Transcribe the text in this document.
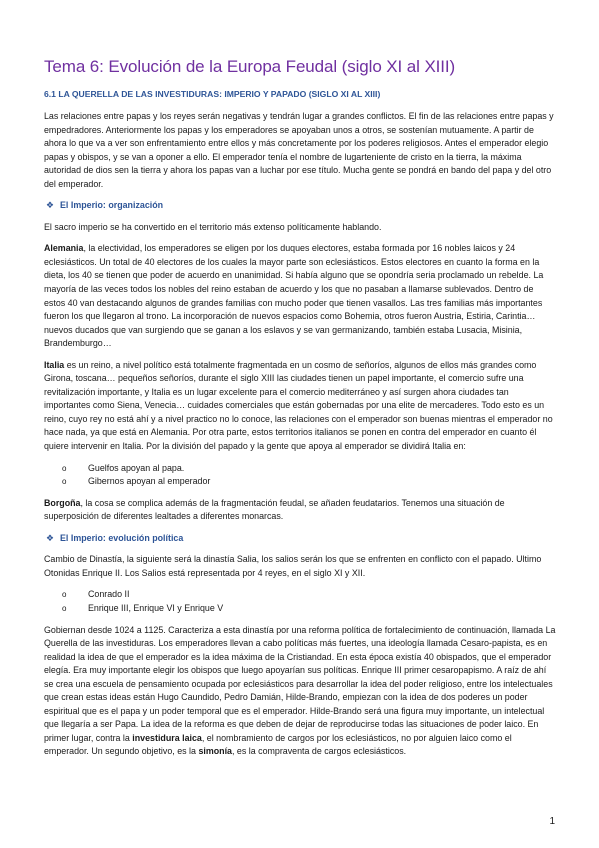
Tema 6: Evolución de la Europa Feudal (siglo XI al XIII)
6.1 LA QUERELLA DE LAS INVESTIDURAS: IMPERIO Y PAPADO (SIGLO XI AL XIII)

Las relaciones entre papas y los reyes serán negativas y tendrán lugar a grandes conflictos. El fin de las relaciones entre papas y empedradores. Anteriormente los papas y los emperadores se apoyaban unos a otros, se sostenían mutuamente. A partir de ahora lo que va a ver son enfrentamiento entre ellos y más concretamente por los poderes religiosos. Antes el emperador elegio papas y obispos, y se van a oponer a ello. El emperador tenía el nombre de lugarteniente de cristo en la tierra, la máxima autoridad de dios sen la tierra y ahora los papas van a luchar por ese título. Mucha gente se pondrá en bando del papa y del otro del emperador.

❖ El Imperio: organización

El sacro imperio se ha convertido en el territorio más extenso políticamente hablando.

Alemania, la electividad, los emperadores se eligen por los duques electores, estaba formada por 16 nobles laicos y 24 eclesiásticos. Un total de 40 electores de los cuales la mayor parte son eclesiásticos. Estos electores en cuanto la forma en la dieta, los 40 se tienen que poder de acuerdo en unanimidad. Si había alguno que se opondría seria proclamado un rebelde. La mayoría de las veces todos los nobles del reino estaban de acuerdo y los que no pasaban a llamarse sublevados. Dentro de estos 40 van destacando algunos de grandes familias con mucho poder que tienen vasallos. Las tres familias más importantes fueron los que llegaron al trono. La incorporación de nuevos espacios como Bohemia, otros fueron Austria, Estiria, Carintia… nuevos ducados que van surgiendo que se ganan a los eslavos y se van germanizando, también estaba Lusacia, Misinia, Brandemburgo…

Italia es un reino, a nivel político está totalmente fragmentada en un cosmo de señoríos, algunos de ellos más grandes como Girona, toscana… pequeños señoríos, durante el siglo XIII las ciudades tienen un papel importante, el comercio sufre una revitalización importante, y Italia es un lugar excelente para el comercio mediterráneo y así surgen ahora ciudades tan importantes como Siena, Venecia… cuidades comerciales que están gobernadas por una elite de mercaderes. Todo esto es un reino, cuyo rey no está ahí y a nivel practico no lo conoce, las relaciones con el emperador son buenas mientras el emperador no hace nada, ya que está en Alemania. Por otra parte, estos territorios italianos se ponen en contra del emperador en cuanto él quiere intervenir en Italia. Por la división del papado y la gente que apoya al emperador se dividirá Italia en:

o Guelfos apoyan al papa.
o Gibernos apoyan al emperador

Borgoña, la cosa se complica además de la fragmentación feudal, se añaden feudatarios. Tenemos una situación de superposición de diferentes lealtades a diferentes monarcas.

❖ El Imperio: evolución política

Cambio de Dinastía, la siguiente será la dinastía Salia, los salios serán los que se enfrenten en conflicto con el papado. Ultimo Otonidas Enrique II. Los Salios está representada por 4 reyes, en el siglo XI y XII.

o Conrado II
o Enrique III, Enrique VI y Enrique V

Gobiernan desde 1024 a 1125. Caracteriza a esta dinastía por una reforma política de fortalecimiento de continuación, llamada La Querella de las investiduras. Los emperadores llevan a cabo políticas más fuertes, una ideología llamada Cesaro-papista, es en realidad la idea de que el emperador es la idea máxima de la Cristiandad. En esta época existía 40 obispados, que el emperador elegía. Era muy importante elegir los obispos que luego apoyarían sus políticas. Enrique III primer cesaropapismo. A raíz de ahí se crea una escuela de pensamiento ocupada por eclesiásticos para desarrollar la idea del poder religioso, entre los intelectuales que crean estas ideas están Hugo Caundido, Pedro Damián, Hilde-Brando, empiezan con la idea de dos poderes un poder espiritual que es el papa y un poder temporal que es el emperador. Hilde-Brando será una figura muy importante, un intelectual que llegaría a ser Papa. La idea de la reforma es que deben de dejar de reproducirse todas las situaciones de poder laico. En primer lugar, contra la investidura laica, el nombramiento de cargos por los eclesiásticos, no por alguien laico como el emperador. Un segundo objetivo, es la simonía, es la compraventa de cargos eclesiásticos.

1
